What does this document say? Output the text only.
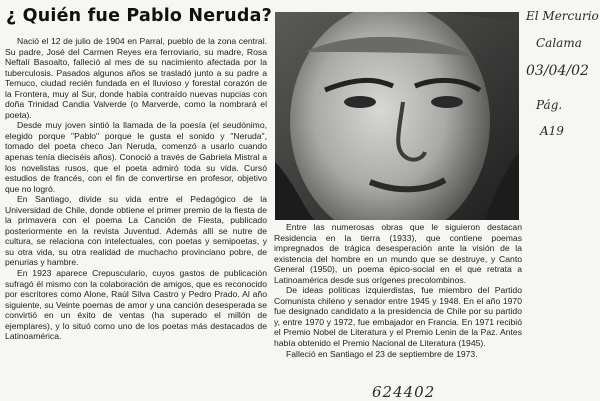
¿ Quién fue Pablo Neruda?

Nació el 12 de julio de 1904 en Parral, pueblo de la zona central. Su padre, José del Carmen Reyes era ferroviario, su madre, Rosa Neftalí Basoalto, falleció al mes de su nacimiento afectada por la tuberculosis. Pasados algunos años se trasladó junto a su padre a Temuco, ciudad recién fundada en el lluvioso y forestal corazón de la Frontera, muy al Sur, donde había contraído nuevas nupcias con doña Trinidad Candia Valverde (o Marverde, como la nombrará el poeta).

Desde muy joven sintió la llamada de la poesía (el seudónimo, elegido porque "Pablo" porque le gusta el sonido y "Neruda", tomado del poeta checo Jan Neruda, comenzó a usarlo cuando apenas tenía dieciséis años). Conoció a través de Gabriela Mistral a los novelistas rusos, que el poeta admiró toda su vida. Cursó estudios de francés, con el fin de convertirse en profesor, objetivo que no logró.

En Santiago, divide su vida entre el Pedagógico de la Universidad de Chile, donde obtiene el primer premio de la fiesta de la primavera con el poema La Canción de Fiesta, publicado posteriormente en la revista Juventud. Además allí se nutre de cultura, se relaciona con intelectuales, con poetas y semipoetas, y su otra vida, su otra realidad de muchacho provinciano pobre, de penurias y hambre.

En 1923 aparece Crepusculario, cuyos gastos de publicación sufragó él mismo con la colaboración de amigos, que es reconocido por escritores como Alone, Raúl Silva Castro y Pedro Prado. Al año siguiente, su Veinte poemas de amor y una canción desesperada se convirtió en un éxito de ventas (ha superado el millón de ejemplares), y lo situó como uno de los poetas más destacados de Latinoamérica.

Entre las numerosas obras que le siguieron destacan Residencia en la tierra (1933), que contiene poemas impregnados de trágica desesperación ante la visión de la existencia del hombre en un mundo que se destruye, y Canto General (1950), un poema épico-social en el que retrata a Latinoamérica desde sus orígenes precolombinos.

De ideas políticas izquierdistas, fue miembro del Partido Comunista chileno y senador entre 1945 y 1948. En el año 1970 fue designado candidato a la presidencia de Chile por su partido y, entre 1970 y 1972, fue embajador en Francia. En 1971 recibió el Premio Nobel de Literatura y el Premio Lenin de la Paz. Antes había obtenido el Premio Nacional de Literatura (1945).

Falleció en Santiago el 23 de septiembre de 1973.

El Mercurio
Calama
03/04/02
Pág.
A19
624402
